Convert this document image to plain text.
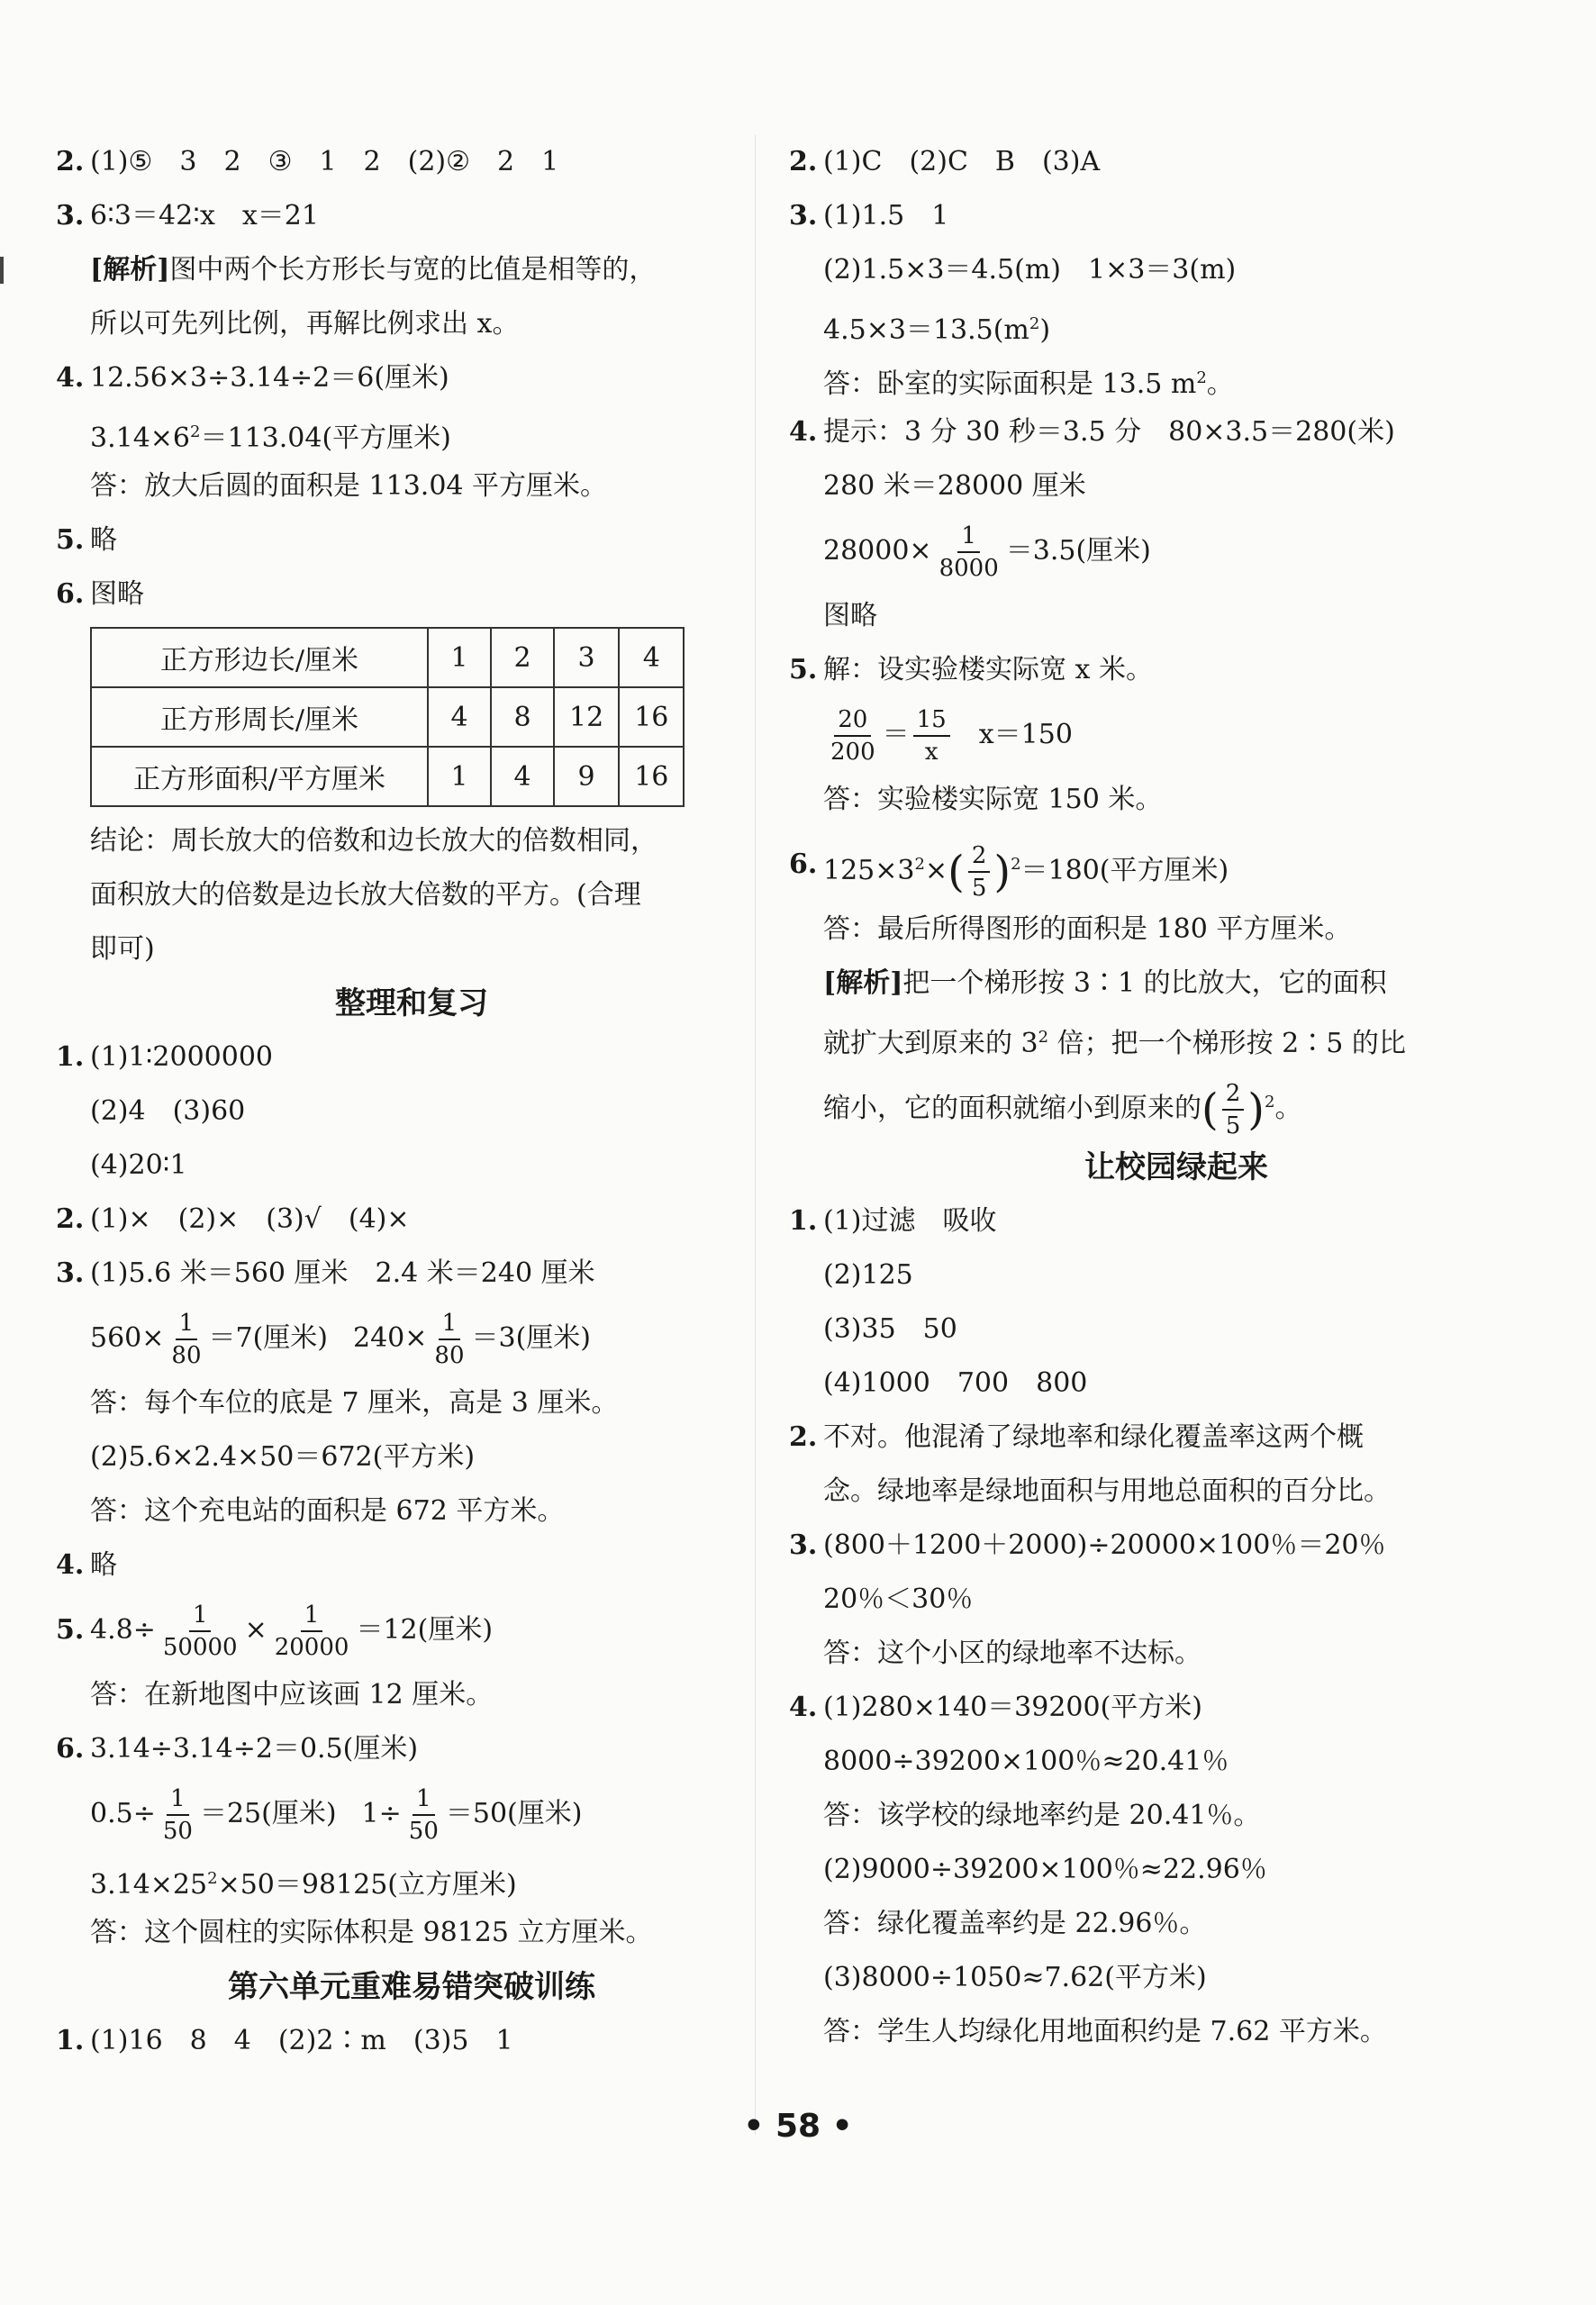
2. (1)⑤　3　2　③　1　2　(2)②　2　1
3. 6∶3＝42∶x　x＝21
[解析]图中两个长方形长与宽的比值是相等的，
所以可先列比例，再解比例求出 x。
4. 12.56×3÷3.14÷2＝6(厘米)
$3.14\times 6^2=113.04$(平方厘米)
答：放大后圆的面积是 113.04 平方厘米。
5. 略
6. 图略
正方形边长/厘米	1	2	3	4
正方形周长/厘米	4	8	12	16
正方形面积/平方厘米	1	4	9	16
结论：周长放大的倍数和边长放大的倍数相同，
面积放大的倍数是边长放大倍数的平方。(合理
即可)
整理和复习
1. (1)1∶2000000
(2)4　(3)60
(4)20∶1
2. (1)×　(2)×　(3)√　(4)×
3. (1)5.6 米＝560 厘米　2.4 米＝240 厘米
$560\times \frac{1}{80} =7$(厘米) $240\times \frac{1}{80} =3$(厘米)
答：每个车位的底是 7 厘米，高是 3 厘米。
(2)5.6×2.4×50＝672(平方米)
答：这个充电站的面积是 672 平方米。
4. 略
5. $4.8\div \frac{1}{50000} \times \frac{1}{20000} =12$(厘米)
答：在新地图中应该画 12 厘米。
6. 3.14÷3.14÷2＝0.5(厘米)
$0.5\div \frac{1}{50} =25$(厘米) $1\div \frac{1}{50} =50$(厘米)
$3.14\times 25^2\times 50=98125$(立方厘米)
答：这个圆柱的实际体积是 98125 立方厘米。
第六单元重难易错突破训练
1. (1)16　8　4　(2)2∶m　(3)5　1
2. (1)C　(2)C　B　(3)A
3. (1)1.5　1
(2)1.5×3＝4.5(m)　1×3＝3(m)
$4.5\times 3=13.5(m^2)$
答：卧室的实际面积是 13.5 $m^2$。
4. 提示：3 分 30 秒＝3.5 分　80×3.5＝280(米)
280 米＝28000 厘米
$28000\times \frac{1}{8000} =3.5$(厘米)
图略
5. 解：设实验楼实际宽 x 米。
$\frac{20}{200} = \frac{15}{x} x=150$
答：实验楼实际宽 150 米。
6. $125\times 3^2\times( \frac{2}{5} )^2=180$(平方厘米)
答：最后所得图形的面积是 180 平方厘米。
[解析]把一个梯形按 3∶1 的比放大，它的面积
就扩大到原来的 $3^2$ 倍；把一个梯形按 2∶5 的比
缩小，它的面积就缩小到原来的( $\frac{2}{5} )^2$。
让校园绿起来
1. (1)过滤　吸收
(2)125
(3)35　50
(4)1000　700　800
2. 不对。他混淆了绿地率和绿化覆盖率这两个概
念。绿地率是绿地面积与用地总面积的百分比。
3. (800＋1200＋2000)÷20000×100％＝20％
20％＜30％
答：这个小区的绿地率不达标。
4. (1)280×140＝39200(平方米)
8000÷39200×100％≈20.41％
答：该学校的绿地率约是 20.41％。
(2)9000÷39200×100％≈22.96％
答：绿化覆盖率约是 22.96％。
(3)8000÷1050≈7.62(平方米)
答：学生人均绿化用地面积约是 7.62 平方米。
• 58 •
